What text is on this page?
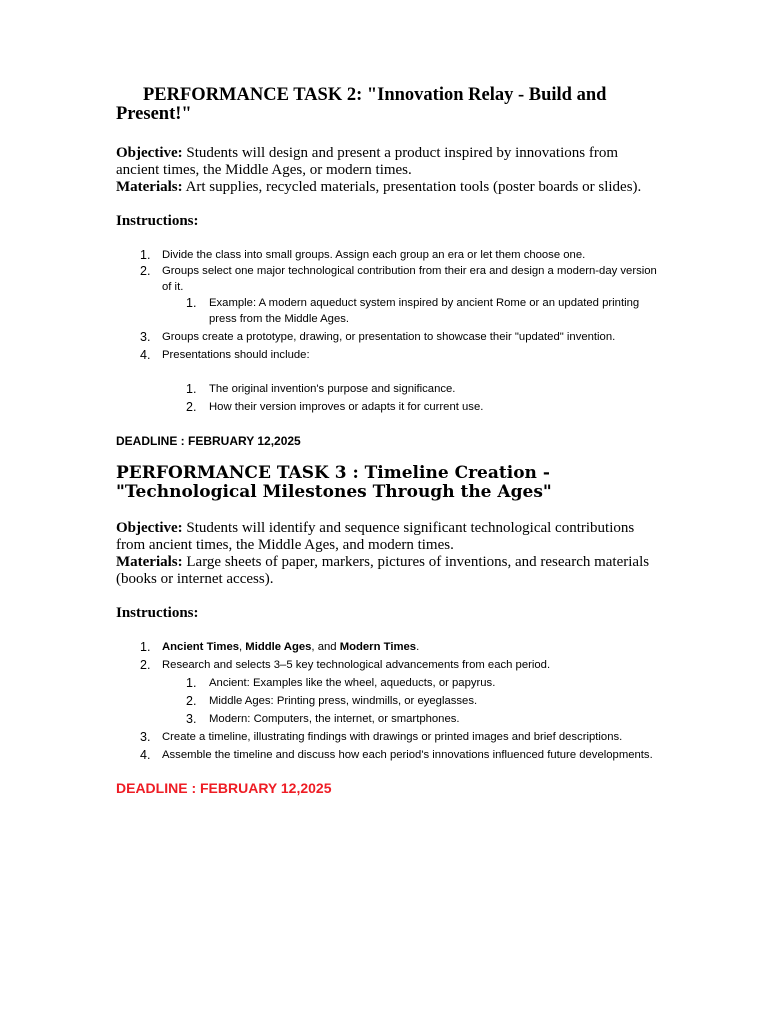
PERFORMANCE TASK 2: "Innovation Relay - Build and Present!"

Objective: Students will design and present a product inspired by innovations from ancient times, the Middle Ages, or modern times.

Materials: Art supplies, recycled materials, presentation tools (poster boards or slides).

Instructions:

1. Divide the class into small groups. Assign each group an era or let them choose one.
2. Groups select one major technological contribution from their era and design a modern-day version of it.
1. Example: A modern aqueduct system inspired by ancient Rome or an updated printing press from the Middle Ages.
3. Groups create a prototype, drawing, or presentation to showcase their "updated" invention.
4. Presentations should include:
1. The original invention's purpose and significance.
2. How their version improves or adapts it for current use.

DEADLINE : FEBRUARY 12,2025

PERFORMANCE TASK 3 : Timeline Creation - "Technological Milestones Through the Ages"

Objective: Students will identify and sequence significant technological contributions from ancient times, the Middle Ages, and modern times.

Materials: Large sheets of paper, markers, pictures of inventions, and research materials (books or internet access).

Instructions:

1. Ancient Times, Middle Ages, and Modern Times.
2. Research and selects 3–5 key technological advancements from each period.
1. Ancient: Examples like the wheel, aqueducts, or papyrus.
2. Middle Ages: Printing press, windmills, or eyeglasses.
3. Modern: Computers, the internet, or smartphones.
3. Create a timeline, illustrating findings with drawings or printed images and brief descriptions.
4. Assemble the timeline and discuss how each period's innovations influenced future developments.

DEADLINE : FEBRUARY 12,2025
